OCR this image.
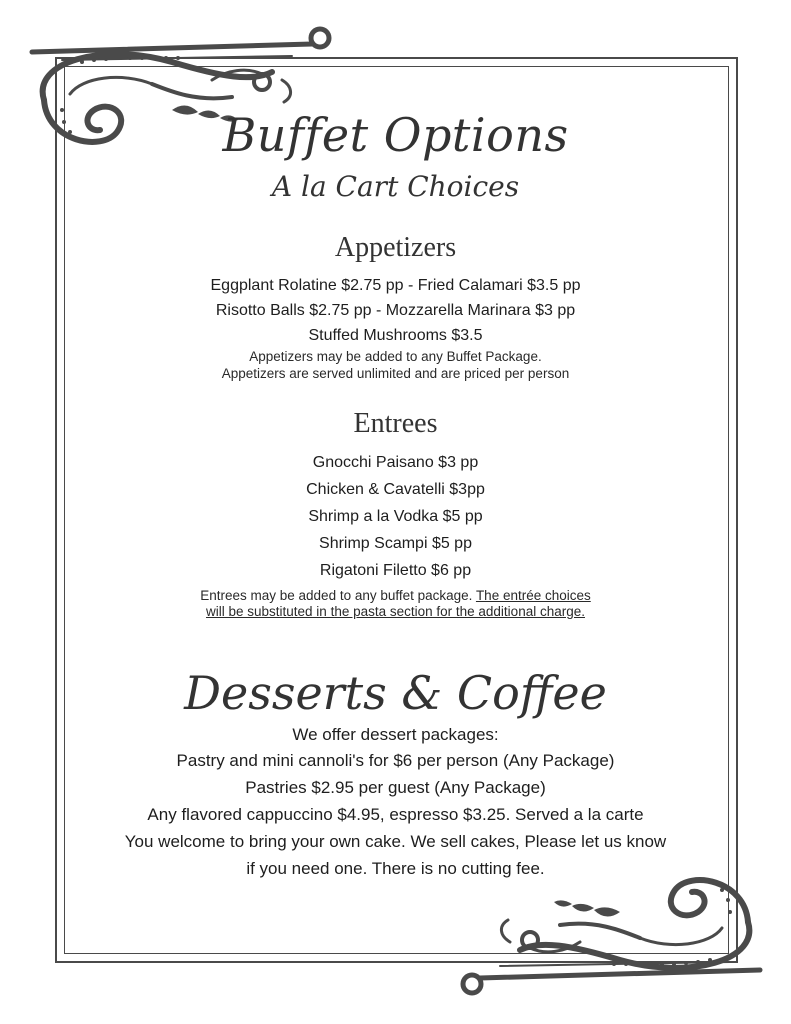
Buffet Options
A la Cart Choices
Appetizers
Eggplant Rolatine $2.75 pp - Fried Calamari $3.5 pp
Risotto Balls $2.75 pp - Mozzarella Marinara $3 pp
Stuffed Mushrooms $3.5
Appetizers may be added to any Buffet Package.
Appetizers are served unlimited and are priced per person
Entrees
Gnocchi Paisano $3 pp
Chicken & Cavatelli $3pp
Shrimp a la Vodka $5 pp
Shrimp Scampi $5 pp
Rigatoni Filetto $6 pp
Entrees may be added to any buffet package. The entrée choices
will be substituted in the pasta section for the additional charge.
Desserts & Coffee
We offer dessert packages:
Pastry and mini cannoli's for $6 per person (Any Package)
Pastries $2.95 per guest (Any Package)
Any flavored cappuccino $4.95, espresso $3.25. Served a la carte
You welcome to bring your own cake. We sell cakes, Please let us know
if you need one. There is no cutting fee.
